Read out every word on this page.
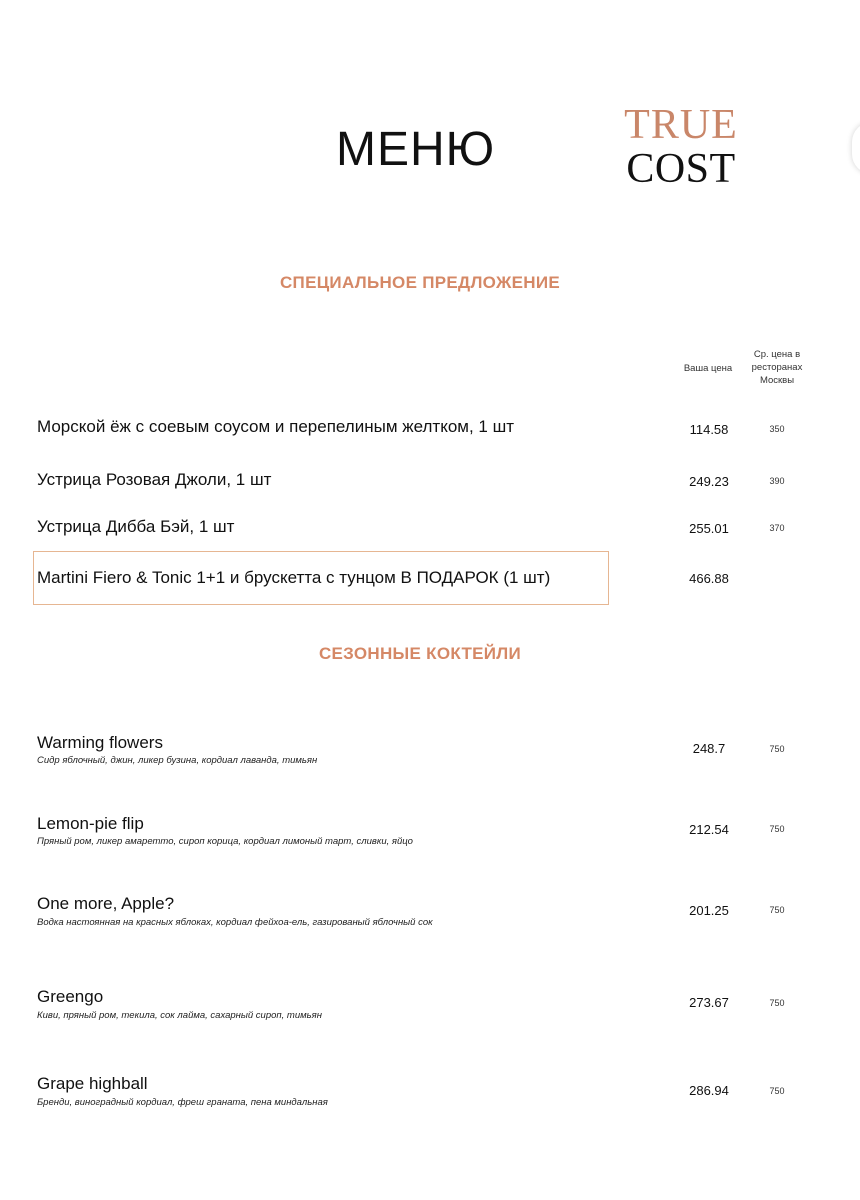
МЕНЮ	TRUE
COST
СПЕЦИАЛЬНОЕ ПРЕДЛОЖЕНИЕ
Ваша цена
Ср. цена в ресторанах Москвы
Морской ёж с соевым соусом и перепелиным желтком, 1 шт	114.58	350
Устрица Розовая Джоли, 1 шт	249.23	390
Устрица Дибба Бэй, 1 шт	255.01	370
Martini Fiero & Tonic 1+1 и брускетта с тунцом В ПОДАРОК (1 шт)	466.88
СЕЗОННЫЕ КОКТЕЙЛИ
Warming flowers
Сидр яблочный, джин, ликер бузина, кордиал лаванда, тимьян
248.7	750
Lemon-pie flip
Пряный ром, ликер амаретто, сироп корица, кордиал лимоный тарт, сливки, яйцо
212.54	750
One more, Apple?
Водка настоянная на красных яблоках, кордиал фейхоа-ель, газированый яблочный сок
201.25	750
Greengo
Киви, пряный ром, текила, сок лайма, сахарный сироп, тимьян
273.67	750
Grape highball
Бренди, виноградный кордиал, фреш граната, пена миндальная
286.94	750
